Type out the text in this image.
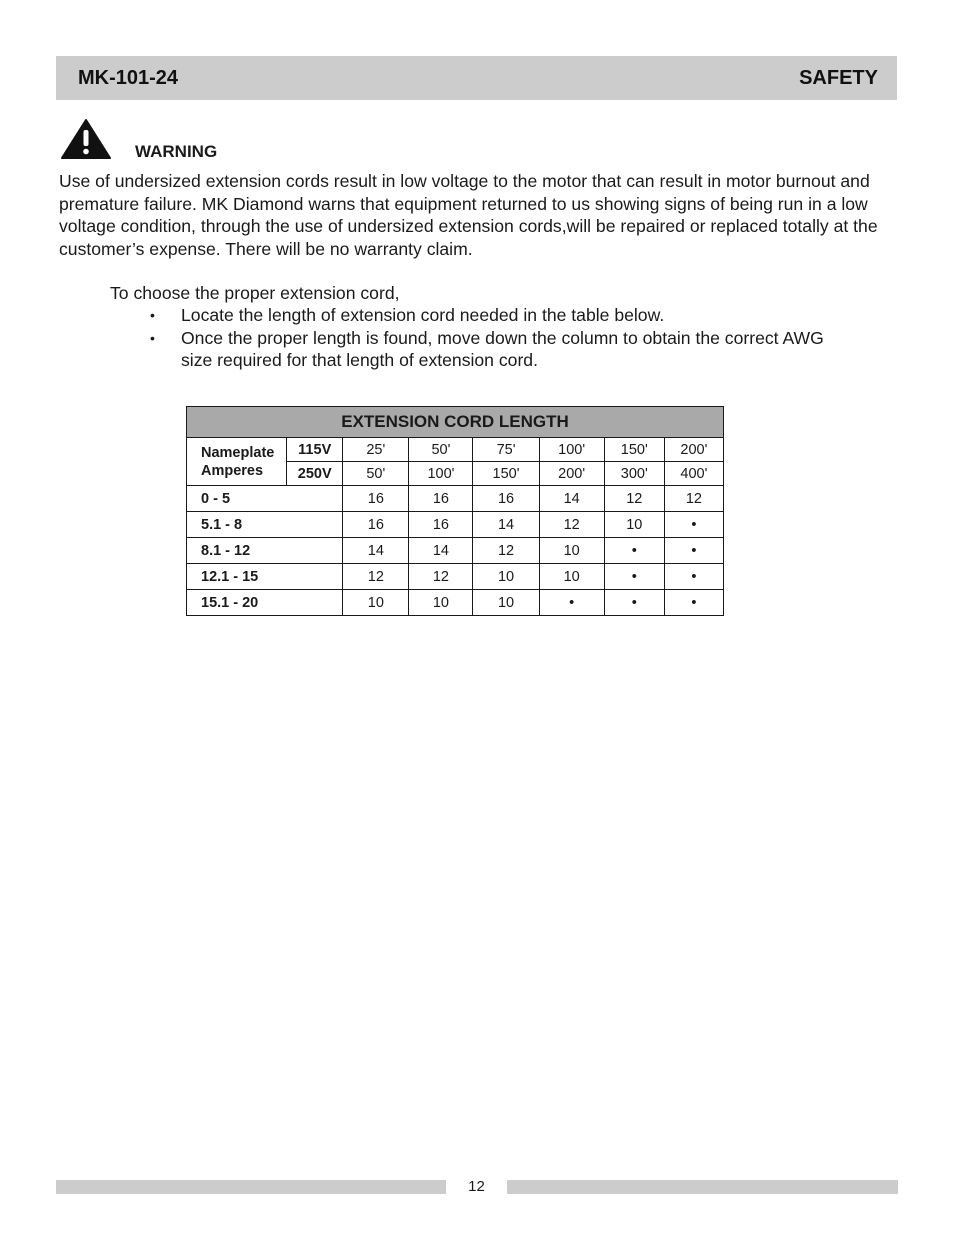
MK-101-24	SAFETY
WARNING

Use of undersized extension cords result in low voltage to the motor that can result in motor burnout and premature failure. MK Diamond warns that equipment returned to us showing signs of being run in a low voltage condition, through the use of undersized extension cords,will be repaired or replaced totally at the customer’s expense. There will be no warranty claim.

To choose the proper extension cord,
• Locate the length of extension cord needed in the table below.
• Once the proper length is found, move down the column to obtain the correct AWG size required for that length of extension cord.
EXTENSION CORD LENGTH							
Nameplate
Amperes	115V	25'	50'	75'	100'	150'	200'
	250V	50'	100'	150'	200'	300'	400'
0 - 5		16	16	16	14	12	12
5.1 - 8		16	16	14	12	10	•
8.1 - 12		14	14	12	10	•	•
12.1 - 15		12	12	10	10	•	•
15.1 - 20		10	10	10	•	•	•
12
